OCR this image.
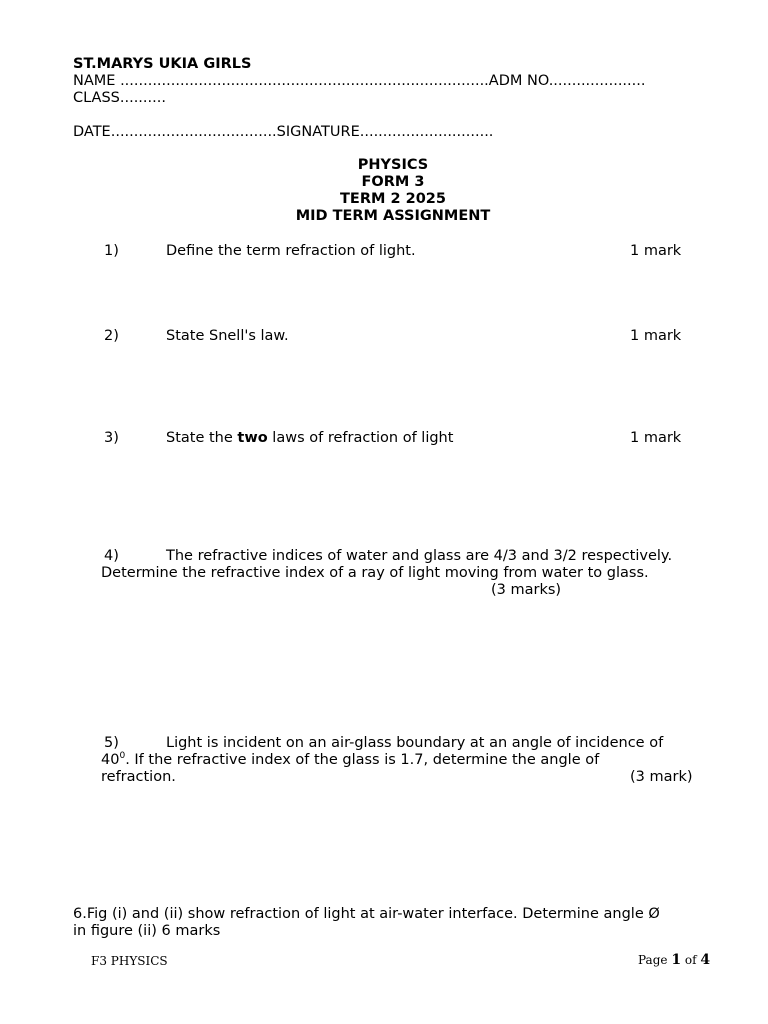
ST.MARYS UKIA GIRLS
NAME ................................................................................ADM NO.....................
CLASS..........
DATE....................................SIGNATURE.............................
PHYSICS
FORM 3
TERM 2 2025
MID TERM ASSIGNMENT
1)	Define the term refraction of light.	1 mark
2)	State Snell's law.	1 mark
3)	State the two laws of refraction of light	1 mark
4)	The refractive indices of water and glass are 4/3 and 3/2 respectively.
Determine the refractive index of a ray of light moving from water to glass.
(3 marks)
5)	Light is incident on an air-glass boundary at an angle of incidence of
$40^0$. If the refractive index of the glass is 1.7, determine the angle of
refraction.	(3 mark)
6.Fig (i) and (ii) show refraction of light at air-water interface. Determine angle Ø
in figure (ii) 6 marks
F3 PHYSICS	Page 1 of 4
